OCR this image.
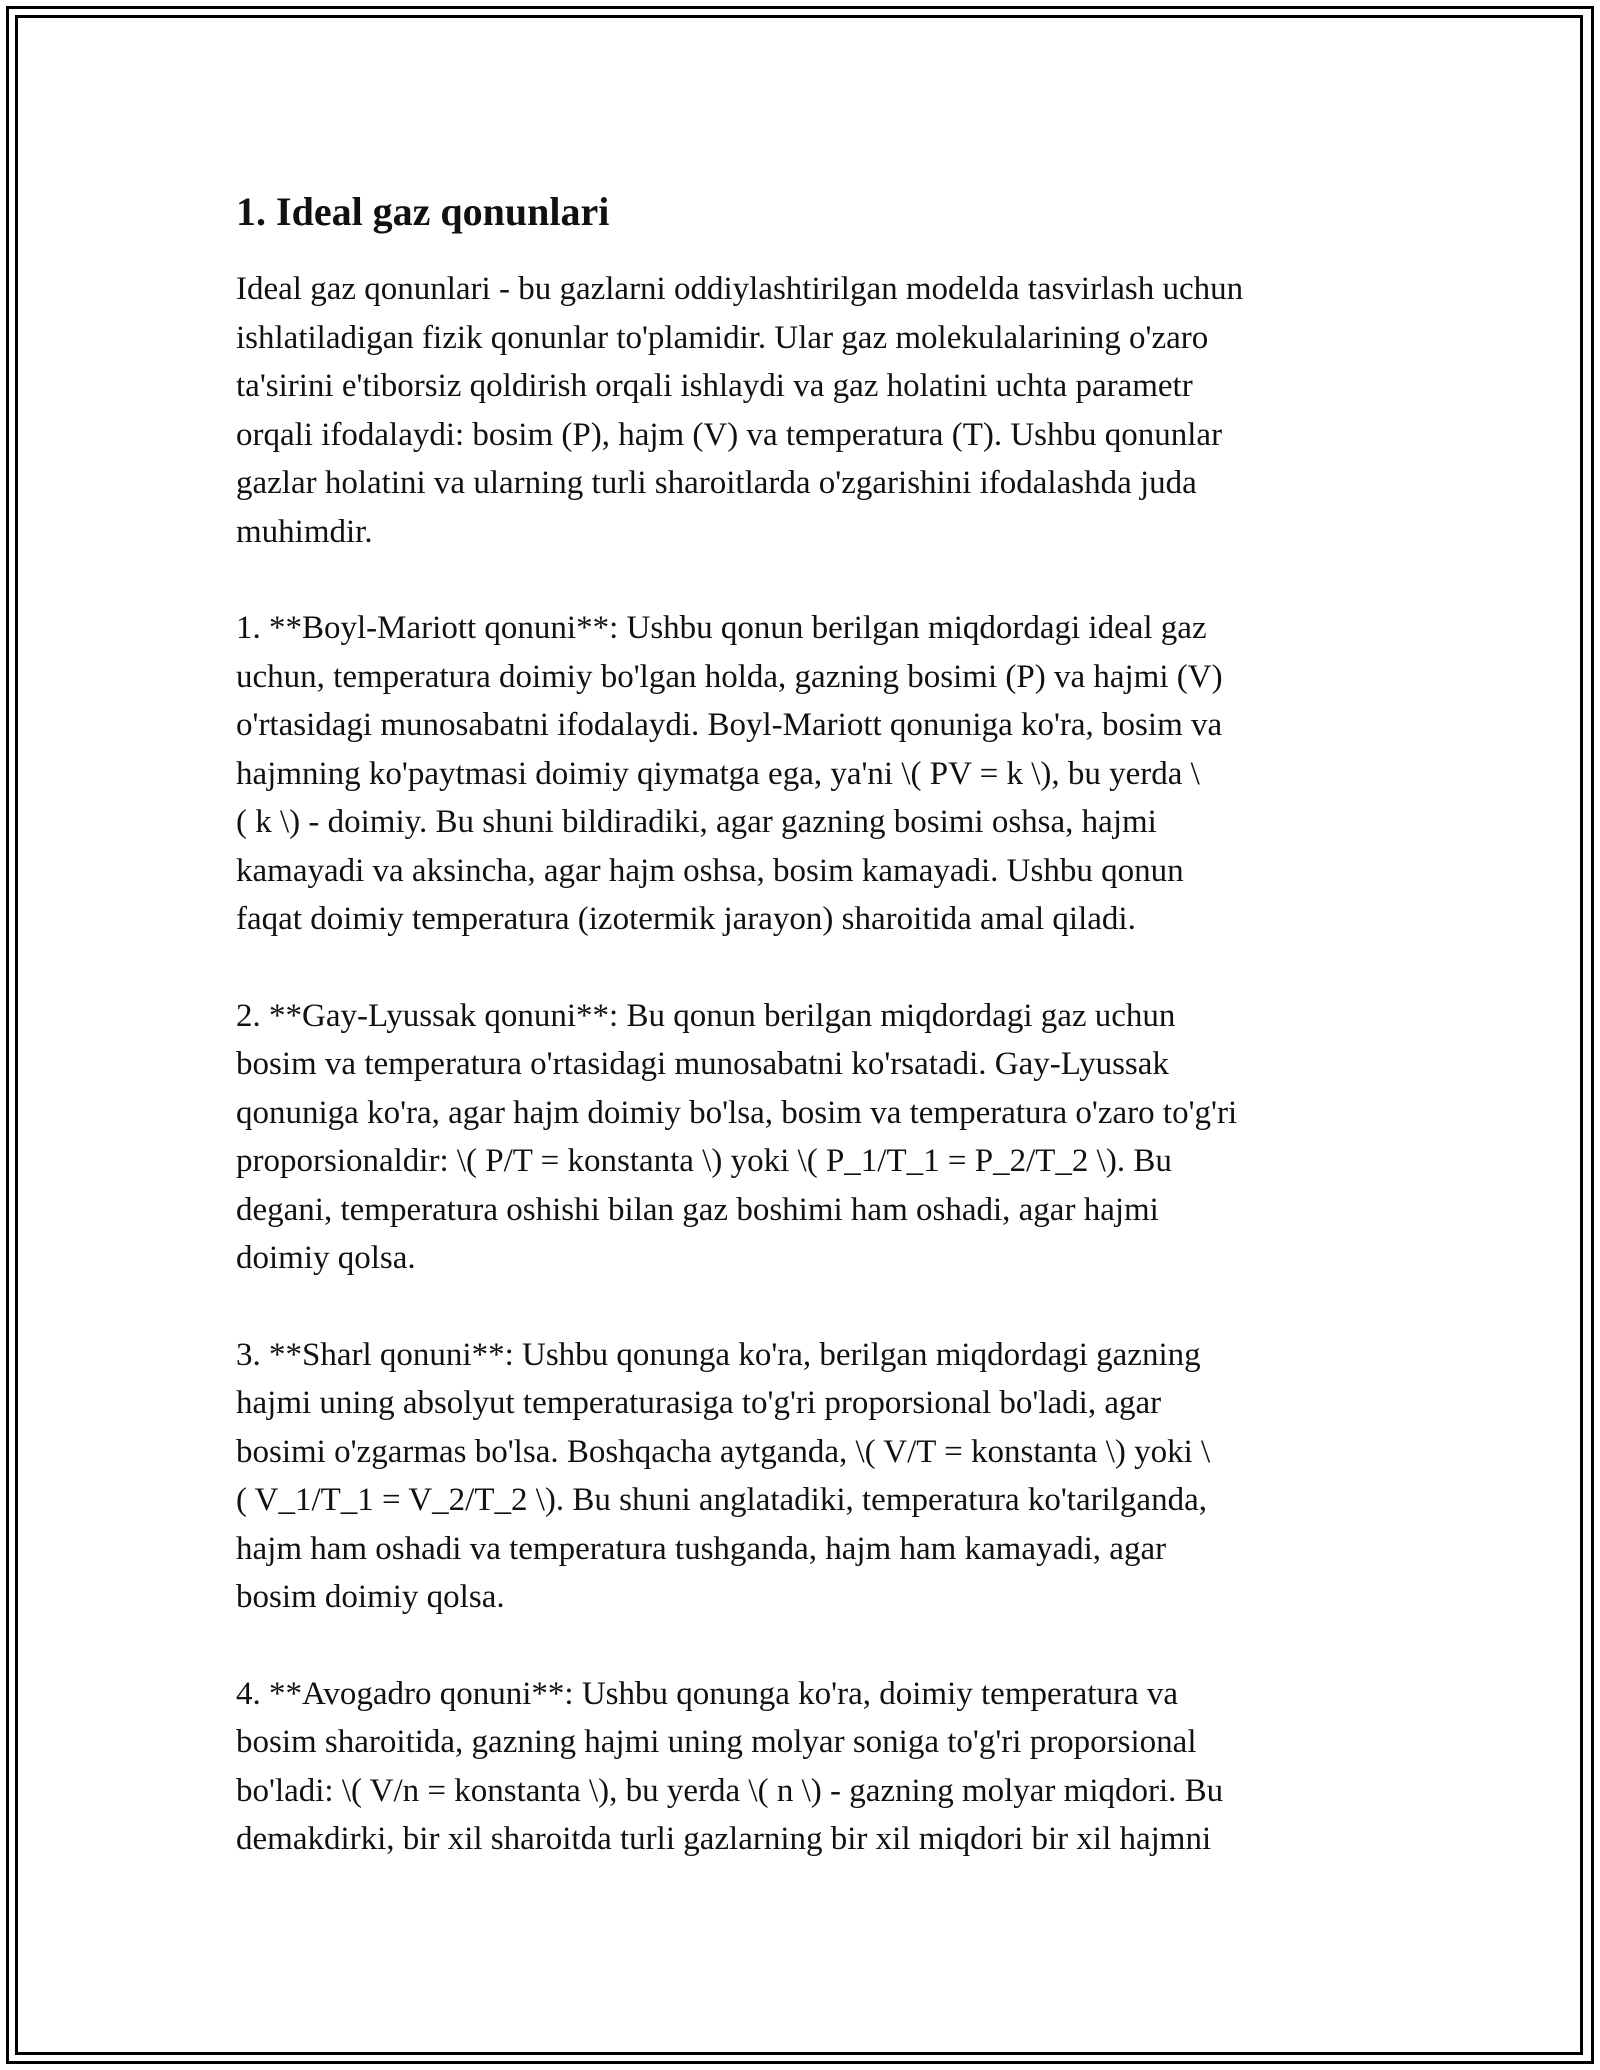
1. Ideal gaz qonunlari

Ideal gaz qonunlari - bu gazlarni oddiylashtirilgan modelda tasvirlash uchun
ishlatiladigan fizik qonunlar to'plamidir. Ular gaz molekulalarining o'zaro
ta'sirini e'tiborsiz qoldirish orqali ishlaydi va gaz holatini uchta parametr
orqali ifodalaydi: bosim (P), hajm (V) va temperatura (T). Ushbu qonunlar
gazlar holatini va ularning turli sharoitlarda o'zgarishini ifodalashda juda
muhimdir.

1. **Boyl-Mariott qonuni**: Ushbu qonun berilgan miqdordagi ideal gaz
uchun, temperatura doimiy bo'lgan holda, gazning bosimi (P) va hajmi (V)
o'rtasidagi munosabatni ifodalaydi. Boyl-Mariott qonuniga ko'ra, bosim va
hajmning ko'paytmasi doimiy qiymatga ega, ya'ni \( PV = k \), bu yerda \
( k \) - doimiy. Bu shuni bildiradiki, agar gazning bosimi oshsa, hajmi
kamayadi va aksincha, agar hajm oshsa, bosim kamayadi. Ushbu qonun
faqat doimiy temperatura (izotermik jarayon) sharoitida amal qiladi.

2. **Gay-Lyussak qonuni**: Bu qonun berilgan miqdordagi gaz uchun
bosim va temperatura o'rtasidagi munosabatni ko'rsatadi. Gay-Lyussak
qonuniga ko'ra, agar hajm doimiy bo'lsa, bosim va temperatura o'zaro to'g'ri
proporsionaldir: \( P/T = konstanta \) yoki \( P_1/T_1 = P_2/T_2 \). Bu
degani, temperatura oshishi bilan gaz boshimi ham oshadi, agar hajmi
doimiy qolsa.

3. **Sharl qonuni**: Ushbu qonunga ko'ra, berilgan miqdordagi gazning
hajmi uning absolyut temperaturasiga to'g'ri proporsional bo'ladi, agar
bosimi o'zgarmas bo'lsa. Boshqacha aytganda, \( V/T = konstanta \) yoki \
( V_1/T_1 = V_2/T_2 \). Bu shuni anglatadiki, temperatura ko'tarilganda,
hajm ham oshadi va temperatura tushganda, hajm ham kamayadi, agar
bosim doimiy qolsa.

4. **Avogadro qonuni**: Ushbu qonunga ko'ra, doimiy temperatura va
bosim sharoitida, gazning hajmi uning molyar soniga to'g'ri proporsional
bo'ladi: \( V/n = konstanta \), bu yerda \( n \) - gazning molyar miqdori. Bu
demakdirki, bir xil sharoitda turli gazlarning bir xil miqdori bir xil hajmni
